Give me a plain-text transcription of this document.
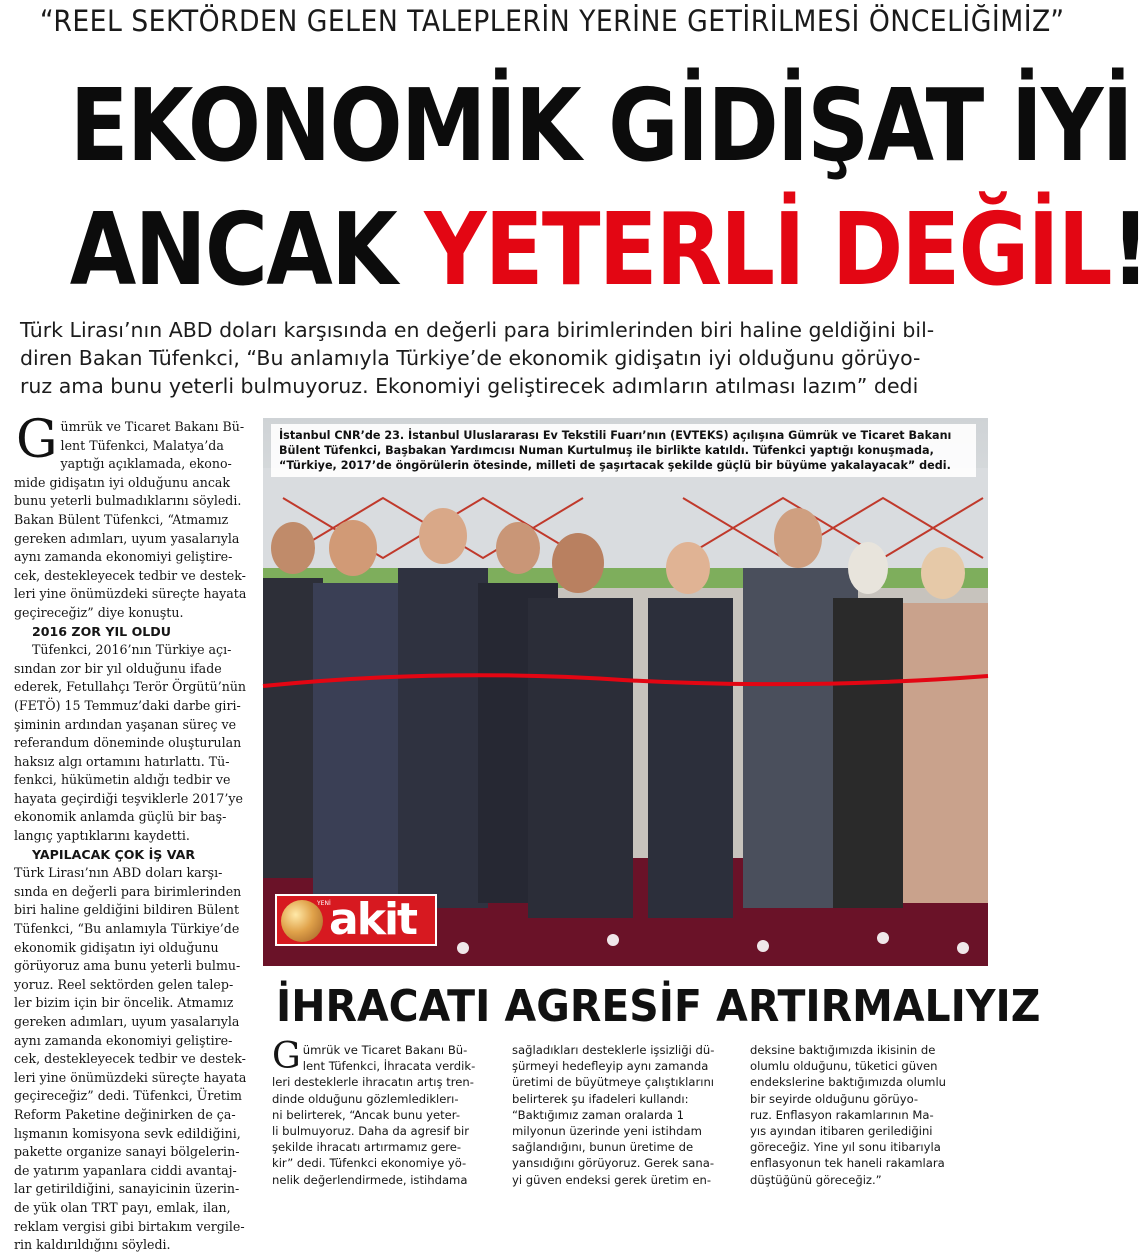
“REEL SEKTÖRDEN GELEN TALEPLERİN YERİNE GETİRİLMESİ ÖNCELİĞİMİZ”
EKONOMİK GİDİŞAT İYİ
ANCAK YETERLİ DEĞİL!
Türk Lirası’nın ABD doları karşısında en değerli para birimlerinden biri haline geldiğini bil-
diren Bakan Tüfenkci, “Bu anlamıyla Türkiye’de ekonomik gidişatın iyi olduğunu görüyo-
ruz ama bunu yeterli bulmuyoruz. Ekonomiyi geliştirecek adımların atılması lazım” dedi
G ümrük ve Ticaret Bakanı Bü-
lent Tüfenkci, Malatya’da
yaptığı açıklamada, ekono-
mide gidişatın iyi olduğunu ancak
bunu yeterli bulmadıklarını söyledi.
Bakan Bülent Tüfenkci, “Atmamız
gereken adımları, uyum yasalarıyla
aynı zamanda ekonomiyi geliştire-
cek, destekleyecek tedbir ve destek-
leri yine önümüzdeki süreçte hayata
geçireceğiz” diye konuştu.
2016 ZOR YIL OLDU
Tüfenkci, 2016’nın Türkiye açı-
sından zor bir yıl olduğunu ifade
ederek, Fetullahçı Terör Örgütü’nün
(FETÖ) 15 Temmuz’daki darbe giri-
şiminin ardından yaşanan süreç ve
referandum döneminde oluşturulan
haksız algı ortamını hatırlattı. Tü-
fenkci, hükümetin aldığı tedbir ve
hayata geçirdiği teşviklerle 2017’ye
ekonomik anlamda güçlü bir baş-
langıç yaptıklarını kaydetti.
YAPILACAK ÇOK İŞ VAR
Türk Lirası’nın ABD doları karşı-
sında en değerli para birimlerinden
biri haline geldiğini bildiren Bülent
Tüfenkci, “Bu anlamıyla Türkiye’de
ekonomik gidişatın iyi olduğunu
görüyoruz ama bunu yeterli bulmu-
yoruz. Reel sektörden gelen talep-
ler bizim için bir öncelik. Atmamız
gereken adımları, uyum yasalarıyla
aynı zamanda ekonomiyi geliştire-
cek, destekleyecek tedbir ve destek-
leri yine önümüzdeki süreçte hayata
geçireceğiz” dedi. Tüfenkci, Üretim
Reform Paketine değinirken de ça-
lışmanın komisyona sevk edildiğini,
pakette organize sanayi bölgelerin-
de yatırım yapanlara ciddi avantaj-
lar getirildiğini, sanayicinin üzerin-
de yük olan TRT payı, emlak, ilan,
reklam vergisi gibi birtakım vergile-
rin kaldırıldığını söyledi.
İstanbul CNR’de 23. İstanbul Uluslararası Ev Tekstili Fuarı’nın (EVTEKS) açılışına Gümrük ve Ticaret Bakanı
Bülent Tüfenkci, Başbakan Yardımcısı Numan Kurtulmuş ile birlikte katıldı. Tüfenkci yaptığı konuşmada,
“Türkiye, 2017’de öngörülerin ötesinde, milleti de şaşırtacak şekilde güçlü bir büyüme yakalayacak” dedi.
YENİ
akit
İHRACATI AGRESİF ARTIRMALIYIZ
G ümrük ve Ticaret Bakanı Bü-
lent Tüfenkci, İhracata verdik-
leri desteklerle ihracatın artış tren-
dinde olduğunu gözlemlediklerı-
ni belirterek, “Ancak bunu yeter-
li bulmuyoruz. Daha da agresif bir
şekilde ihracatı artırmamız gere-
kir” dedi. Tüfenkci ekonomiye yö-
nelik değerlendirmede, istihdama
sağladıkları desteklerle işsizliği dü-
şürmeyi hedefleyip aynı zamanda
üretimi de büyütmeye çalıştıklarını
belirterek şu ifadeleri kullandı:
“Baktığımız zaman oralarda 1
milyonun üzerinde yeni istihdam
sağlandığını, bunun üretime de
yansıdığını görüyoruz. Gerek sana-
yi güven endeksi gerek üretim en-
deksine baktığımızda ikisinin de
olumlu olduğunu, tüketici güven
endekslerine baktığımızda olumlu
bir seyirde olduğunu görüyo-
ruz. Enflasyon rakamlarının Ma-
yıs ayından itibaren gerilediğini
göreceğiz. Yine yıl sonu itibarıyla
enflasyonun tek haneli rakamlara
düştüğünü göreceğiz.”
